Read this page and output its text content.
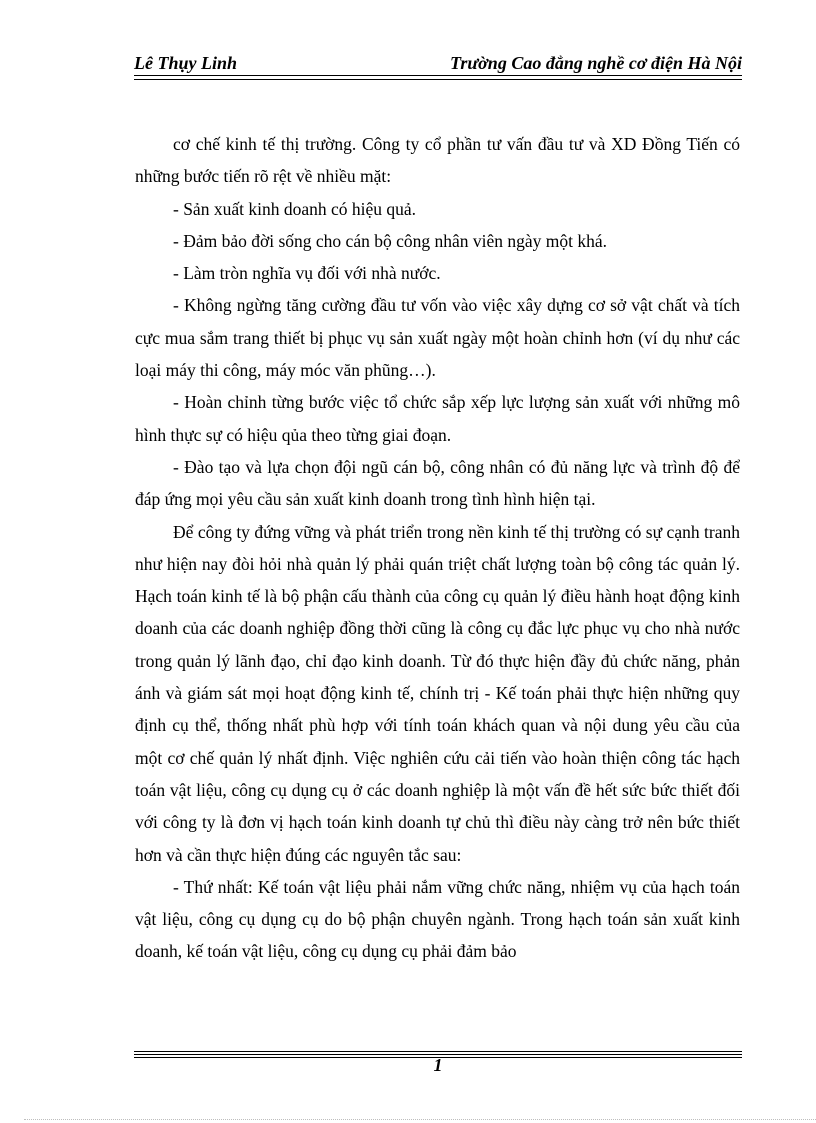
Lê Thụy Linh	Trường Cao đẳng nghề cơ điện Hà Nội

cơ chế kinh tế thị trường. Công ty cổ phần tư vấn đầu tư và XD Đồng Tiến có những bước tiến rõ rệt về nhiều mặt:

- Sản xuất kinh doanh có hiệu quả.

- Đảm bảo đời sống cho cán bộ công nhân viên ngày một khá.

- Làm tròn nghĩa vụ đối với nhà nước.

- Không ngừng tăng cường đầu tư vốn vào việc xây dựng cơ sở vật chất và tích cực mua sắm trang thiết bị phục vụ sản xuất ngày một hoàn chỉnh hơn (ví dụ như các loại máy thi công, máy móc văn phũng…).

- Hoàn chỉnh từng bước việc tổ chức sắp xếp lực lượng sản xuất với những mô hình thực sự có hiệu qủa theo từng giai đoạn.

- Đào tạo và lựa chọn đội ngũ cán bộ, công nhân có đủ năng lực và trình độ để đáp ứng mọi yêu cầu sản xuất kinh doanh trong tình hình hiện tại.

Để công ty đứng vững và phát triển trong nền kinh tế thị trường có sự cạnh tranh như hiện nay đòi hỏi nhà quản lý phải quán triệt chất lượng toàn bộ công tác quản lý. Hạch toán kinh tế là bộ phận cấu thành của công cụ quản lý điều hành hoạt động kinh doanh của các doanh nghiệp đồng thời cũng là công cụ đắc lực phục vụ cho nhà nước trong quản lý lãnh đạo, chỉ đạo kinh doanh. Từ đó thực hiện đầy đủ chức năng, phản ánh và giám sát mọi hoạt động kinh tế, chính trị - Kế toán phải thực hiện những quy định cụ thể, thống nhất phù hợp với tính toán khách quan và nội dung yêu cầu của một cơ chế quản lý nhất định. Việc nghiên cứu cải tiến vào hoàn thiện công tác hạch toán vật liệu, công cụ dụng cụ ở các doanh nghiệp là một vấn đề hết sức bức thiết đối với công ty là đơn vị hạch toán kinh doanh tự chủ thì điều này càng trở nên bức thiết hơn và cần thực hiện đúng các nguyên tắc sau:

- Thứ nhất: Kế toán vật liệu phải nắm vững chức năng, nhiệm vụ của hạch toán vật liệu, công cụ dụng cụ do bộ phận chuyên ngành. Trong hạch toán sản xuất kinh doanh, kế toán vật liệu, công cụ dụng cụ phải đảm bảo

1
